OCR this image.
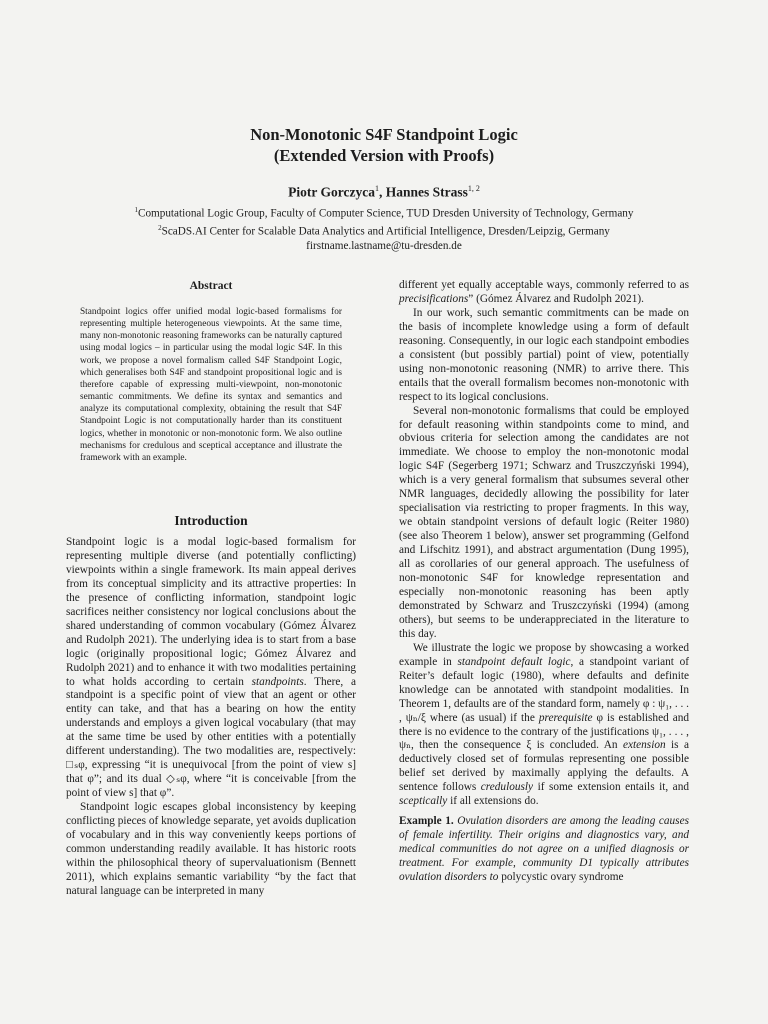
Non-Monotonic S4F Standpoint Logic
(Extended Version with Proofs)
Piotr Gorczyca$^1$, Hannes Strass$^{1, 2}$
$^1$Computational Logic Group, Faculty of Computer Science, TUD Dresden University of Technology, Germany
$^2$ScaDS.AI Center for Scalable Data Analytics and Artificial Intelligence, Dresden/Leipzig, Germany
firstname.lastname@tu-dresden.de
Abstract
Standpoint logics offer unified modal logic-based formalisms for representing multiple heterogeneous viewpoints. At the same time, many non-monotonic reasoning frameworks can be naturally captured using modal logics – in particular using the modal logic S4F. In this work, we propose a novel formalism called S4F Standpoint Logic, which generalises both S4F and standpoint propositional logic and is therefore capable of expressing multi-viewpoint, non-monotonic semantic commitments. We define its syntax and semantics and analyze its computational complexity, obtaining the result that S4F Standpoint Logic is not computationally harder than its constituent logics, whether in monotonic or non-monotonic form. We also outline mechanisms for credulous and sceptical acceptance and illustrate the framework with an example.
Introduction

Standpoint logic is a modal logic-based formalism for representing multiple diverse (and potentially conflicting) viewpoints within a single framework. Its main appeal derives from its conceptual simplicity and its attractive properties: In the presence of conflicting information, standpoint logic sacrifices neither consistency nor logical conclusions about the shared understanding of common vocabulary (Gómez Álvarez and Rudolph 2021). The underlying idea is to start from a base logic (originally propositional logic; Gómez Álvarez and Rudolph 2021) and to enhance it with two modalities pertaining to what holds according to certain standpoints. There, a standpoint is a specific point of view that an agent or other entity can take, and that has a bearing on how the entity understands and employs a given logical vocabulary (that may at the same time be used by other entities with a potentially different understanding). The two modalities are, respectively: □ₛφ, expressing “it is unequivocal [from the point of view s] that φ”; and its dual ◇ₛφ, where “it is conceivable [from the point of view s] that φ”.

Standpoint logic escapes global inconsistency by keeping conflicting pieces of knowledge separate, yet avoids duplication of vocabulary and in this way conveniently keeps portions of common understanding readily available. It has historic roots within the philosophical theory of supervaluationism (Bennett 2011), which explains semantic variability “by the fact that natural language can be interpreted in many

different yet equally acceptable ways, commonly referred to as precisifications” (Gómez Álvarez and Rudolph 2021).

In our work, such semantic commitments can be made on the basis of incomplete knowledge using a form of default reasoning. Consequently, in our logic each standpoint embodies a consistent (but possibly partial) point of view, potentially using non-monotonic reasoning (NMR) to arrive there. This entails that the overall formalism becomes non-monotonic with respect to its logical conclusions.

Several non-monotonic formalisms that could be employed for default reasoning within standpoints come to mind, and obvious criteria for selection among the candidates are not immediate. We choose to employ the non-monotonic modal logic S4F (Segerberg 1971; Schwarz and Truszczyński 1994), which is a very general formalism that subsumes several other NMR languages, decidedly allowing the possibility for later specialisation via restricting to proper fragments. In this way, we obtain standpoint versions of default logic (Reiter 1980) (see also Theorem 1 below), answer set programming (Gelfond and Lifschitz 1991), and abstract argumentation (Dung 1995), all as corollaries of our general approach. The usefulness of non-monotonic S4F for knowledge representation and especially non-monotonic reasoning has been aptly demonstrated by Schwarz and Truszczyński (1994) (among others), but seems to be underappreciated in the literature to this day.

We illustrate the logic we propose by showcasing a worked example in standpoint default logic, a standpoint variant of Reiter’s default logic (1980), where defaults and definite knowledge can be annotated with standpoint modalities. In Theorem 1, defaults are of the standard form, namely φ : ψ₁, . . . , ψₙ/ξ where (as usual) if the prerequisite φ is established and there is no evidence to the contrary of the justifications ψ₁, . . . , ψₙ, then the consequence ξ is concluded. An extension is a deductively closed set of formulas representing one possible belief set derived by maximally applying the defaults. A sentence follows credulously if some extension entails it, and sceptically if all extensions do.

Example 1. Ovulation disorders are among the leading causes of female infertility. Their origins and diagnostics vary, and medical communities do not agree on a unified diagnosis or treatment. For example, community D1 typically attributes ovulation disorders to polycystic ovary syndrome
